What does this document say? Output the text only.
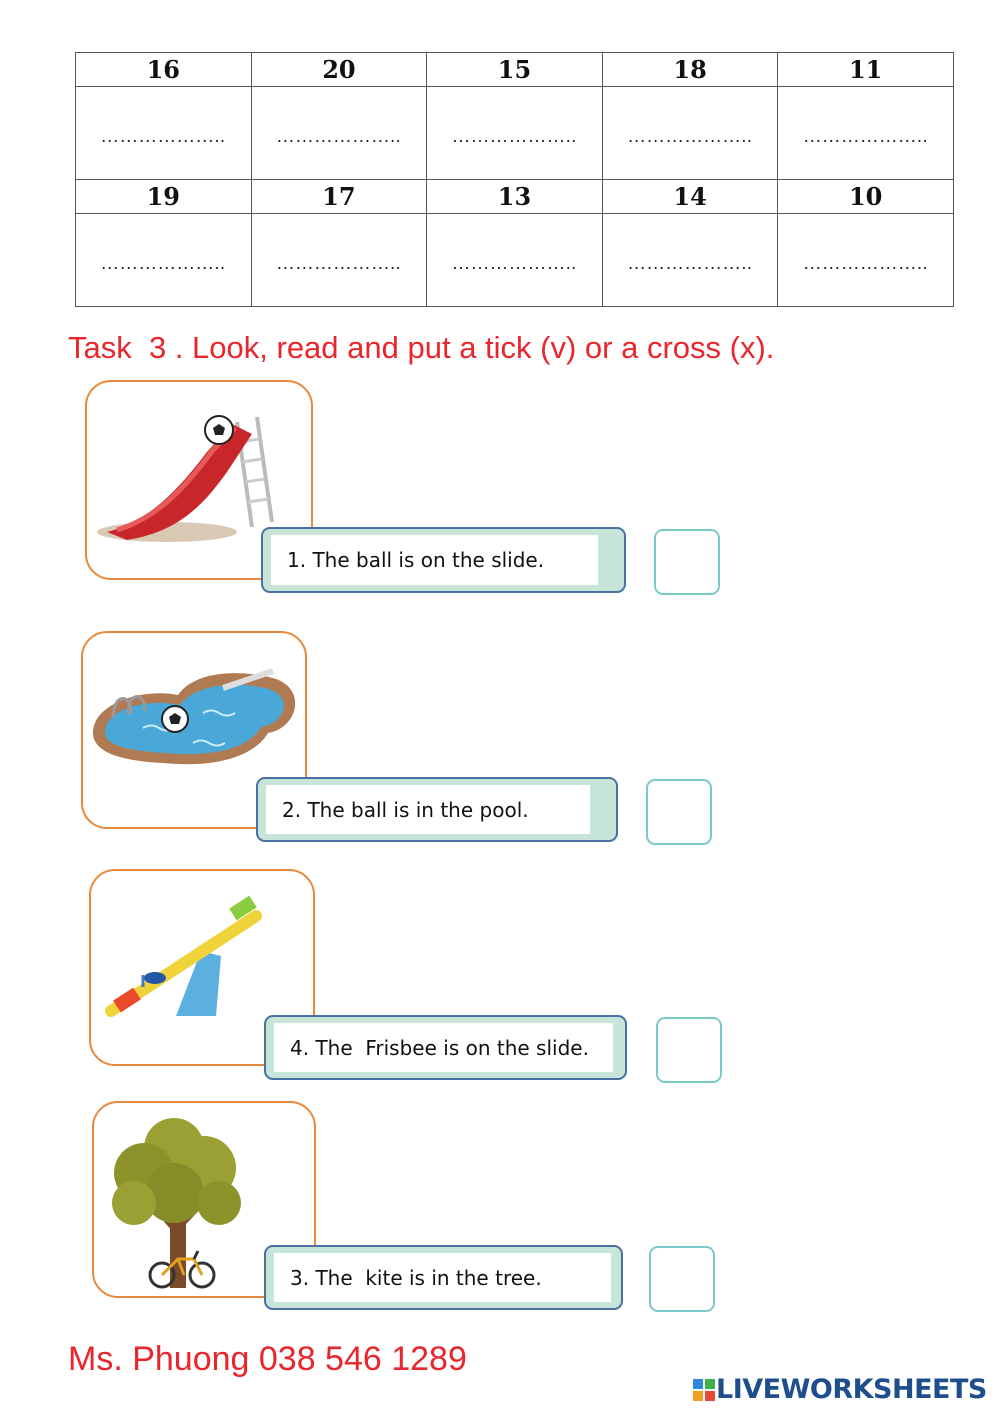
16	20	15	18	11
………………..	………………..	………………..	………………..	………………..
19	17	13	14	10
………………..	………………..	………………..	………………..	………………..
Task  3 . Look, read and put a tick (v) or a cross (x).
1. The ball is on the slide.
2. The ball is in the pool.
4. The  Frisbee is on the slide.
3. The  kite is in the tree.
Ms. Phuong 038 546 1289
LIVEWORKSHEETS
